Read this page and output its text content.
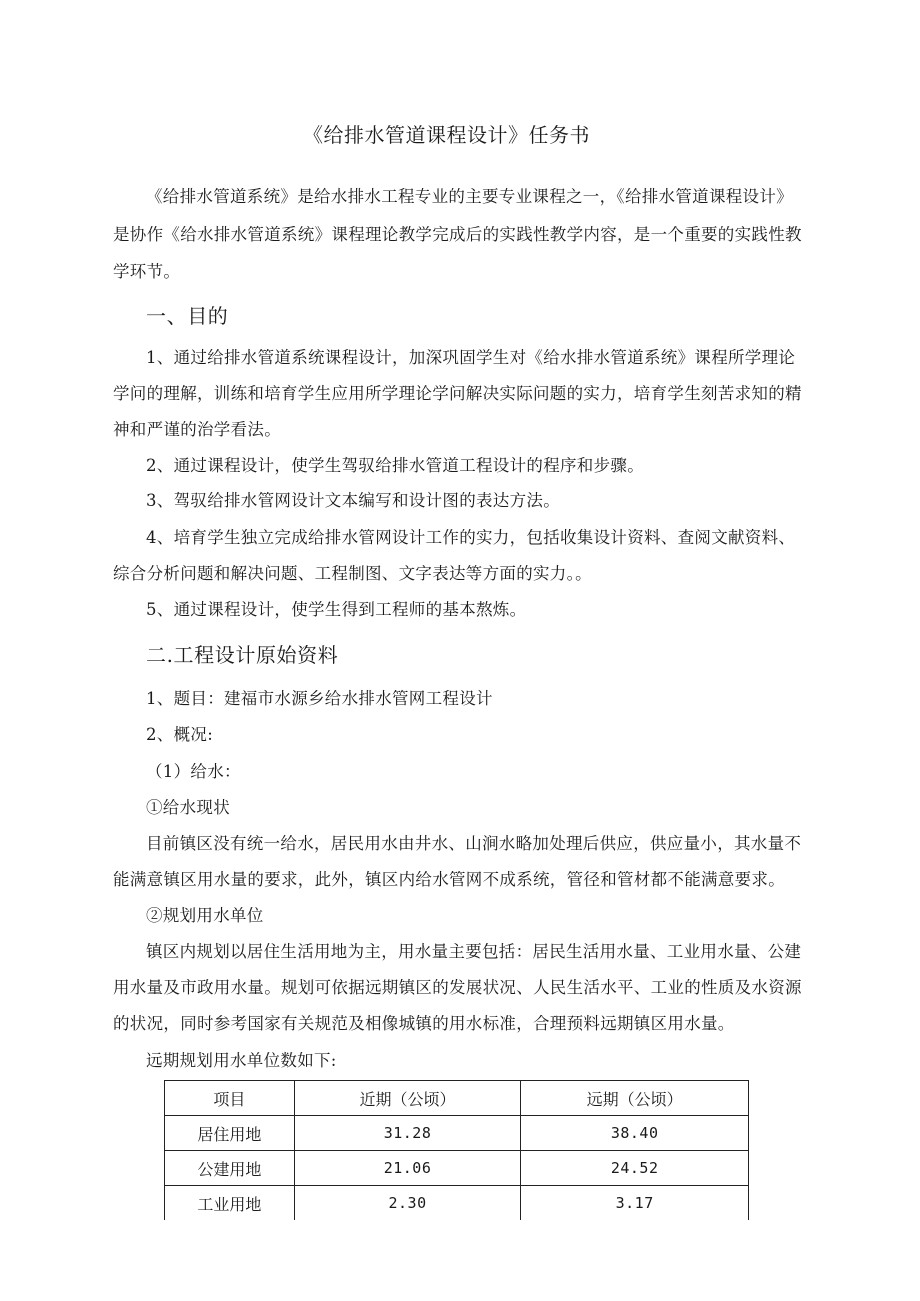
《给排水管道课程设计》任务书
《给排水管道系统》是给水排水工程专业的主要专业课程之一，《给排水管道课程设计》
是协作《给水排水管道系统》课程理论教学完成后的实践性教学内容，是一个重要的实践性教
学环节。
一、目的
1、通过给排水管道系统课程设计，加深巩固学生对《给水排水管道系统》课程所学理论
学问的理解，训练和培育学生应用所学理论学问解决实际问题的实力，培育学生刻苦求知的精
神和严谨的治学看法。
2、通过课程设计，使学生驾驭给排水管道工程设计的程序和步骤。
3、驾驭给排水管网设计文本编写和设计图的表达方法。
4、培育学生独立完成给排水管网设计工作的实力，包括收集设计资料、查阅文献资料、
综合分析问题和解决问题、工程制图、文字表达等方面的实力。。
5、通过课程设计，使学生得到工程师的基本熬炼。
二.工程设计原始资料
1、题目：建福市水源乡给水排水管网工程设计
2、概况:
（1）给水：
①给水现状
目前镇区没有统一给水，居民用水由井水、山涧水略加处理后供应，供应量小，其水量不
能满意镇区用水量的要求，此外，镇区内给水管网不成系统，管径和管材都不能满意要求。
②规划用水单位
镇区内规划以居住生活用地为主，用水量主要包括：居民生活用水量、工业用水量、公建
用水量及市政用水量。规划可依据远期镇区的发展状况、人民生活水平、工业的性质及水资源
的状况，同时参考国家有关规范及相像城镇的用水标准，合理预料远期镇区用水量。
远期规划用水单位数如下:
项目	近期（公顷）	远期（公顷）
居住用地	31.28	38.40
公建用地	21.06	24.52
工业用地	2.30	3.17
